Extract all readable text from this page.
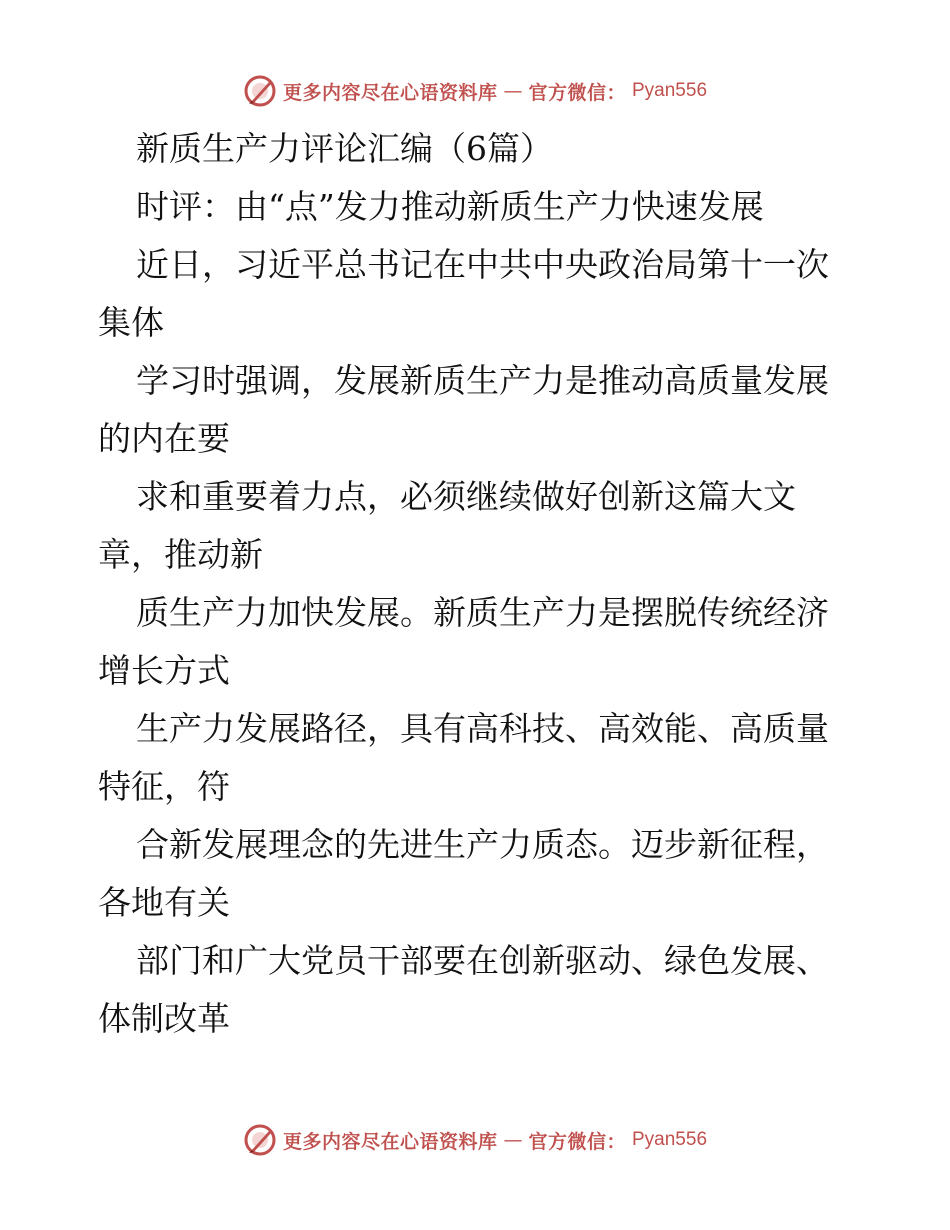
更多内容尽在心语资料库 — 官方微信： Pyan556

新质生产力评论汇编（6篇）

时评：由“点”发力推动新质生产力快速发展

近日，习近平总书记在中共中央政治局第十一次

集体

学习时强调，发展新质生产力是推动高质量发展

的内在要

求和重要着力点，必须继续做好创新这篇大文

章，推动新

质生产力加快发展。新质生产力是摆脱传统经济

增长方式

生产力发展路径，具有高科技、高效能、高质量

特征，符

合新发展理念的先进生产力质态。迈步新征程，

各地有关

部门和广大党员干部要在创新驱动、绿色发展、

体制改革

更多内容尽在心语资料库 — 官方微信： Pyan556
